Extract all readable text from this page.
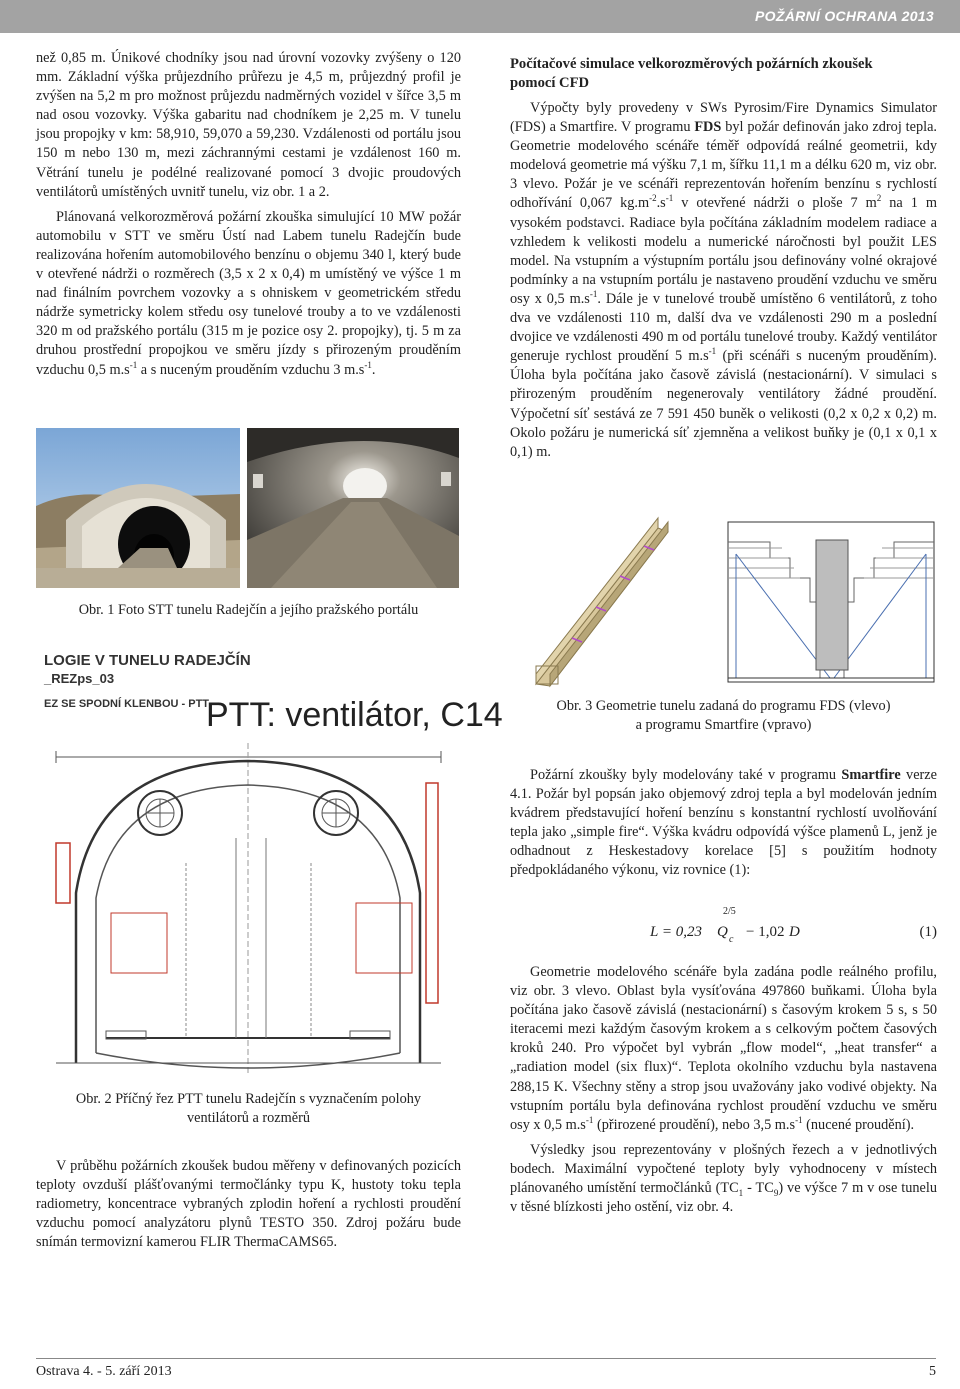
POŽÁRNÍ OCHRANA 2013

než 0,85 m. Únikové chodníky jsou nad úrovní vozovky zvýšeny o 120 mm. Základní výška průjezdního průřezu je 4,5 m, průjezdný profil je zvýšen na 5,2 m pro možnost průjezdu nadměrných vozidel v šířce 3,5 m nad osou vozovky. Výška gabaritu nad chodníkem je 2,25 m. V tunelu jsou propojky v km: 58,910, 59,070 a 59,230. Vzdálenosti od portálu jsou 150 m nebo 130 m, mezi záchrannými cestami je vzdálenost 160 m. Větrání tunelu je podélné realizované pomocí 3 dvojic proudových ventilátorů umístěných uvnitř tunelu, viz obr. 1 a 2.

Plánovaná velkorozměrová požární zkouška simulující 10 MW požár automobilu v STT ve směru Ústí nad Labem tunelu Radejčín bude realizována hořením automobilového benzínu o objemu 340 l, který bude v otevřené nádrži o rozměrech (3,5 x 2 x 0,4) m umístěný ve výšce 1 m nad finálním povrchem vozovky a s ohniskem v geometrickém středu nádrže symetricky kolem středu osy tunelové trouby a to ve vzdálenosti 320 m od pražského portálu (315 m je pozice osy 2. propojky), tj. 5 m za druhou prostřední propojkou ve směru jízdy s přirozeným prouděním vzduchu 0,5 $m.s^{-1}$ a s nuceným prouděním vzduchu 3 $m.s^{-1}$.

Obr. 1 Foto STT tunelu Radejčín a jejího pražského portálu
LOGIE V TUNELU RADEJČÍN
_REZps_03
EZ SE SPODNÍ KLENBOU - PTT
PTT: ventilátor, C14
Obr. 2 Příčný řez PTT tunelu Radejčín s vyznačením polohy
ventilátorů a rozměrů

V průběhu požárních zkoušek budou měřeny v definovaných pozicích teploty ovzduší plášťovanými termočlánky typu K, hustoty toku tepla radiometry, koncentrace vybraných zplodin hoření a rychlosti proudění vzduchu pomocí analyzátoru plynů TESTO 350. Zdroj požáru bude snímán termovizní kamerou FLIR ThermaCAMS65.

Počítačové simulace velkorozměrových požárních zkoušek
pomocí CFD

Výpočty byly provedeny v SWs Pyrosim/Fire Dynamics Simulator (FDS) a Smartfire. V programu FDS byl požár definován jako zdroj tepla. Geometrie modelového scénáře téměř odpovídá reálné geometrii, kdy modelová geometrie má výšku 7,1 m, šířku 11,1 m a délku 620 m, viz obr. 3 vlevo. Požár je ve scénáři reprezentován hořením benzínu s rychlostí odhořívání 0,067 $kg.m^{-2}.s^{-1}$ v otevřené nádrži o ploše 7 $m^2$ na 1 m vysokém podstavci. Radiace byla počítána základním modelem radiace a vzhledem k velikosti modelu a numerické náročnosti byl použit LES model. Na vstupním a výstupním portálu jsou definovány volné okrajové podmínky a na vstupním portálu je nastaveno proudění vzduchu ve směru osy x 0,5 $m.s^{-1}$. Dále je v tunelové troubě umístěno 6 ventilátorů, z toho dva ve vzdálenosti 110 m, další dva ve vzdálenosti 290 m a poslední dvojice ve vzdálenosti 490 m od portálu tunelové trouby. Každý ventilátor generuje rychlost proudění 5 $m.s^{-1}$ (při scénáři s nuceným prouděním). Úloha byla počítána jako časově závislá (nestacionární). V simulaci s přirozeným prouděním negenerovaly ventilátory žádné proudění. Výpočetní síť sestává ze 7 591 450 buněk o velikosti (0,2 x 0,2 x 0,2) m. Okolo požáru je numerická síť zjemněna a velikost buňky je (0,1 x 0,1 x 0,1) m.

Obr. 3 Geometrie tunelu zadaná do programu FDS (vlevo)
a programu Smartfire (vpravo)

Požární zkoušky byly modelovány také v programu Smartfire verze 4.1. Požár byl popsán jako objemový zdroj tepla a byl modelován jedním kvádrem představující hoření benzínu s konstantní rychlostí uvolňování tepla jako „simple fire“. Výška kvádru odpovídá výšce plamenů L, jenž je odhadnout z Heskestadovy korelace [5] s použitím hodnoty předpokládaného výkonu, viz rovnice (1):

L = 0,23 Q c
2/5
− 1,02 D	(1)

Geometrie modelového scénáře byla zadána podle reálného profilu, viz obr. 3 vlevo. Oblast byla vysíťována 497860 buňkami. Úloha byla počítána jako časově závislá (nestacionární) s časovým krokem 5 s, s 50 iteracemi mezi každým časovým krokem a s celkovým počtem časových kroků 240. Pro výpočet byl vybrán „flow model“, „heat transfer“ a „radiation model (six flux)“. Teplota okolního vzduchu byla nastavena 288,15 K. Všechny stěny a strop jsou uvažovány jako vodivé objekty. Na vstupním portálu byla definována rychlost proudění vzduchu ve směru osy x 0,5 $m.s^{-1}$ (přirozené proudění), nebo 3,5 $m.s^{-1}$ (nucené proudění).

Výsledky jsou reprezentovány v plošných řezech a v jednotlivých bodech. Maximální vypočtené teploty byly vyhodnoceny v místech plánovaného umístění termočlánků $(TC_1 - TC_9)$ ve výšce 7 m v ose tunelu v těsné blízkosti jeho ostění, viz obr. 4.

Ostrava 4. - 5. září 2013	5
